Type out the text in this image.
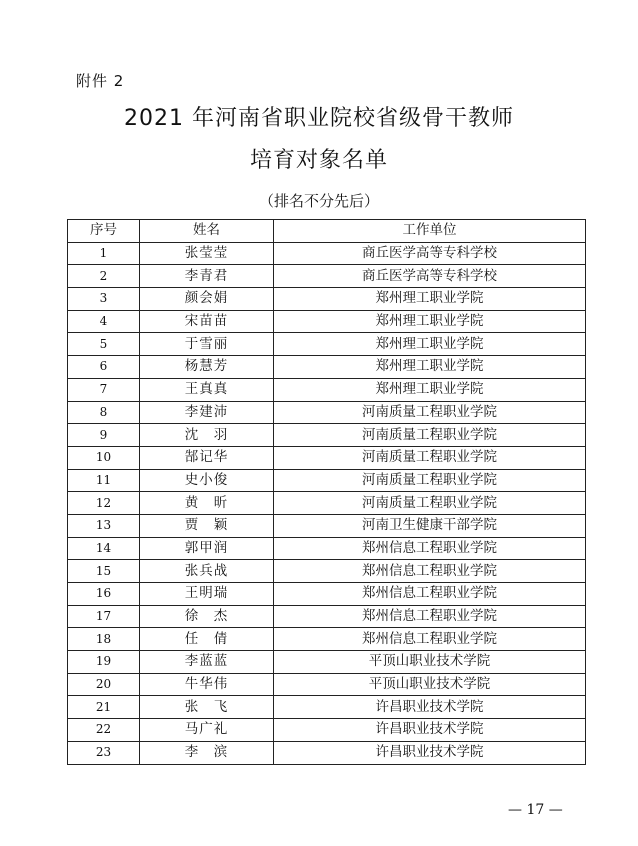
附件 2
2021 年河南省职业院校省级骨干教师
培育对象名单
（排名不分先后）
序号	姓名	工作单位
1	张莹莹	商丘医学高等专科学校
2	李青君	商丘医学高等专科学校
3	颜会娟	郑州理工职业学院
4	宋苗苗	郑州理工职业学院
5	于雪丽	郑州理工职业学院
6	杨慧芳	郑州理工职业学院
7	王真真	郑州理工职业学院
8	李建沛	河南质量工程职业学院
9	沈　羽	河南质量工程职业学院
10	郜记华	河南质量工程职业学院
11	史小俊	河南质量工程职业学院
12	黄　昕	河南质量工程职业学院
13	贾　颖	河南卫生健康干部学院
14	郭甲润	郑州信息工程职业学院
15	张兵战	郑州信息工程职业学院
16	王明瑞	郑州信息工程职业学院
17	徐　杰	郑州信息工程职业学院
18	任　倩	郑州信息工程职业学院
19	李蓝蓝	平顶山职业技术学院
20	牛华伟	平顶山职业技术学院
21	张　飞	许昌职业技术学院
22	马广礼	许昌职业技术学院
23	李　滨	许昌职业技术学院
— 17 —
